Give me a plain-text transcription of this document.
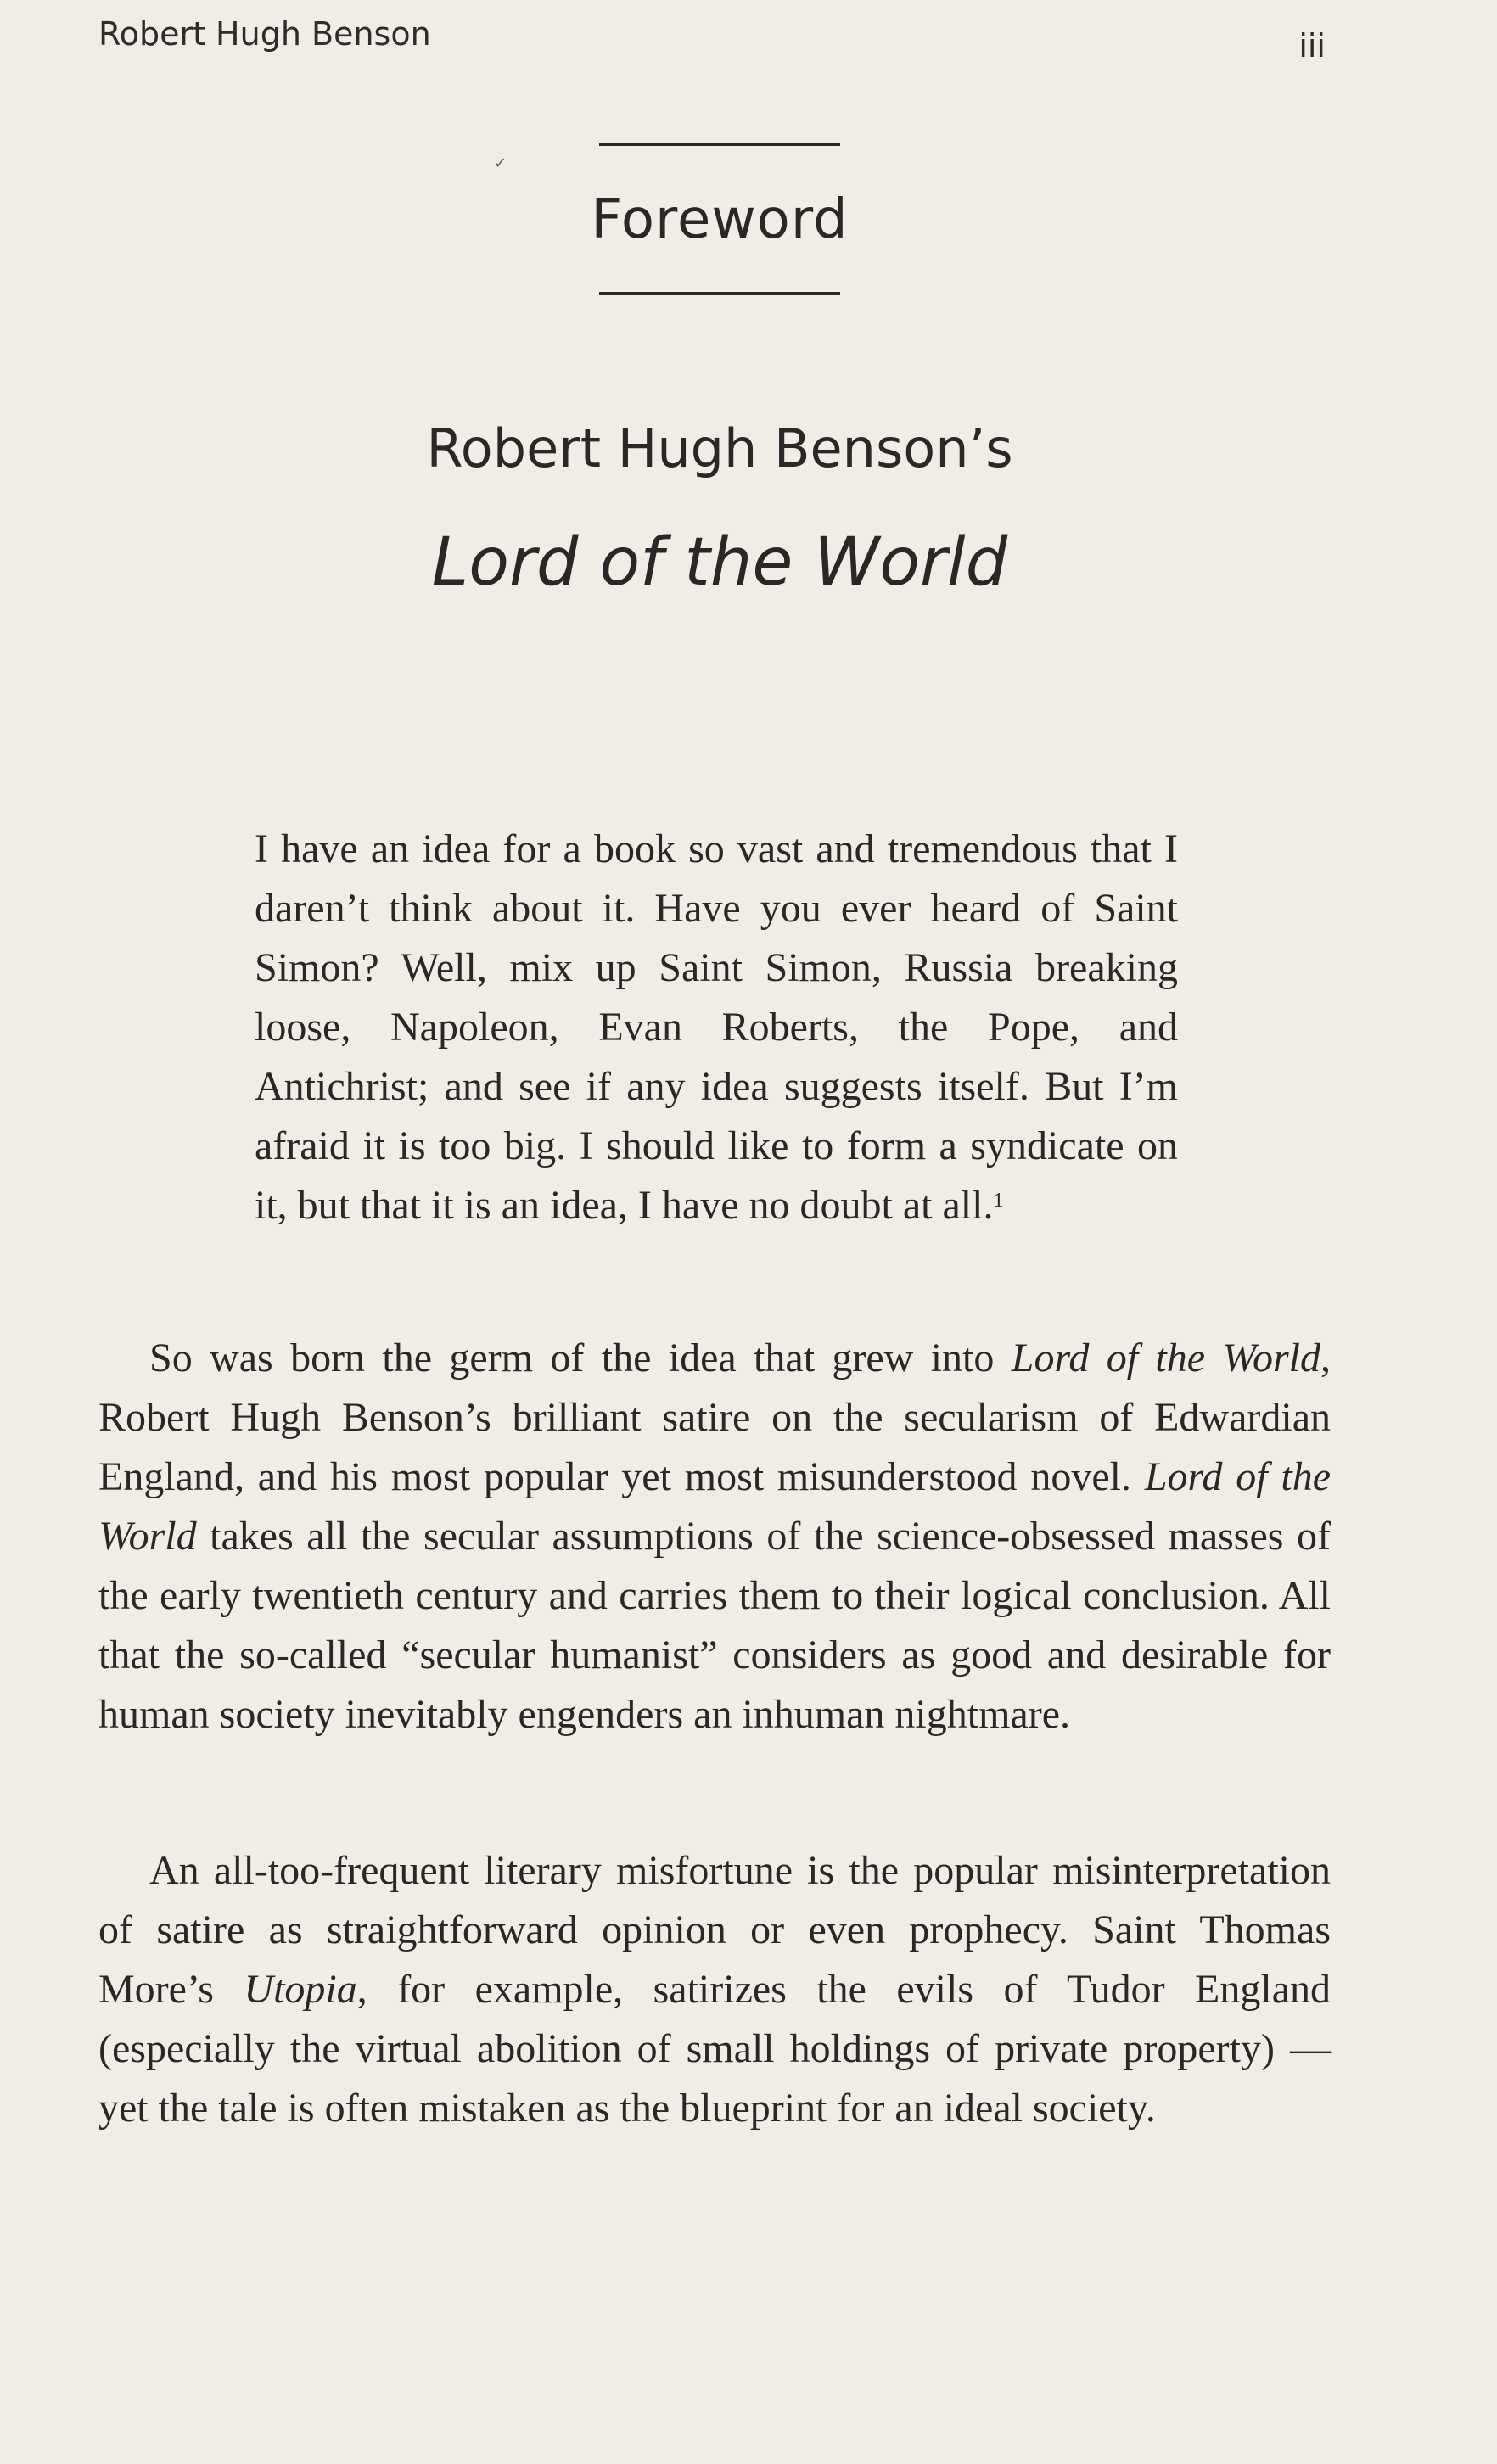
Robert Hugh Benson	iii
✓
Foreword
Robert Hugh Benson’s
Lord of the World
I have an idea for a book so vast and tremendous that I daren’t think about it. Have you ever heard of Saint Simon? Well, mix up Saint Simon, Russia breaking loose, Napoleon, Evan Roberts, the Pope, and Antichrist; and see if any idea suggests itself. But I’m afraid it is too big. I should like to form a syndicate on it, but that it is an idea, I have no doubt at all.$^1$
So was born the germ of the idea that grew into Lord of the World, Robert Hugh Benson’s brilliant satire on the secularism of Edwardian England, and his most popular yet most misunderstood novel. Lord of the World takes all the secular assumptions of the science-obsessed masses of the early twentieth century and carries them to their logical conclusion. All that the so-called “secular humanist” considers as good and desirable for human society inevitably engenders an inhuman nightmare.
An all-too-frequent literary misfortune is the popular misinterpretation of satire as straightforward opinion or even prophecy. Saint Thomas More’s Utopia, for example, satirizes the evils of Tudor England (especially the virtual abolition of small holdings of private property) — yet the tale is often mistaken as the blueprint for an ideal society.
